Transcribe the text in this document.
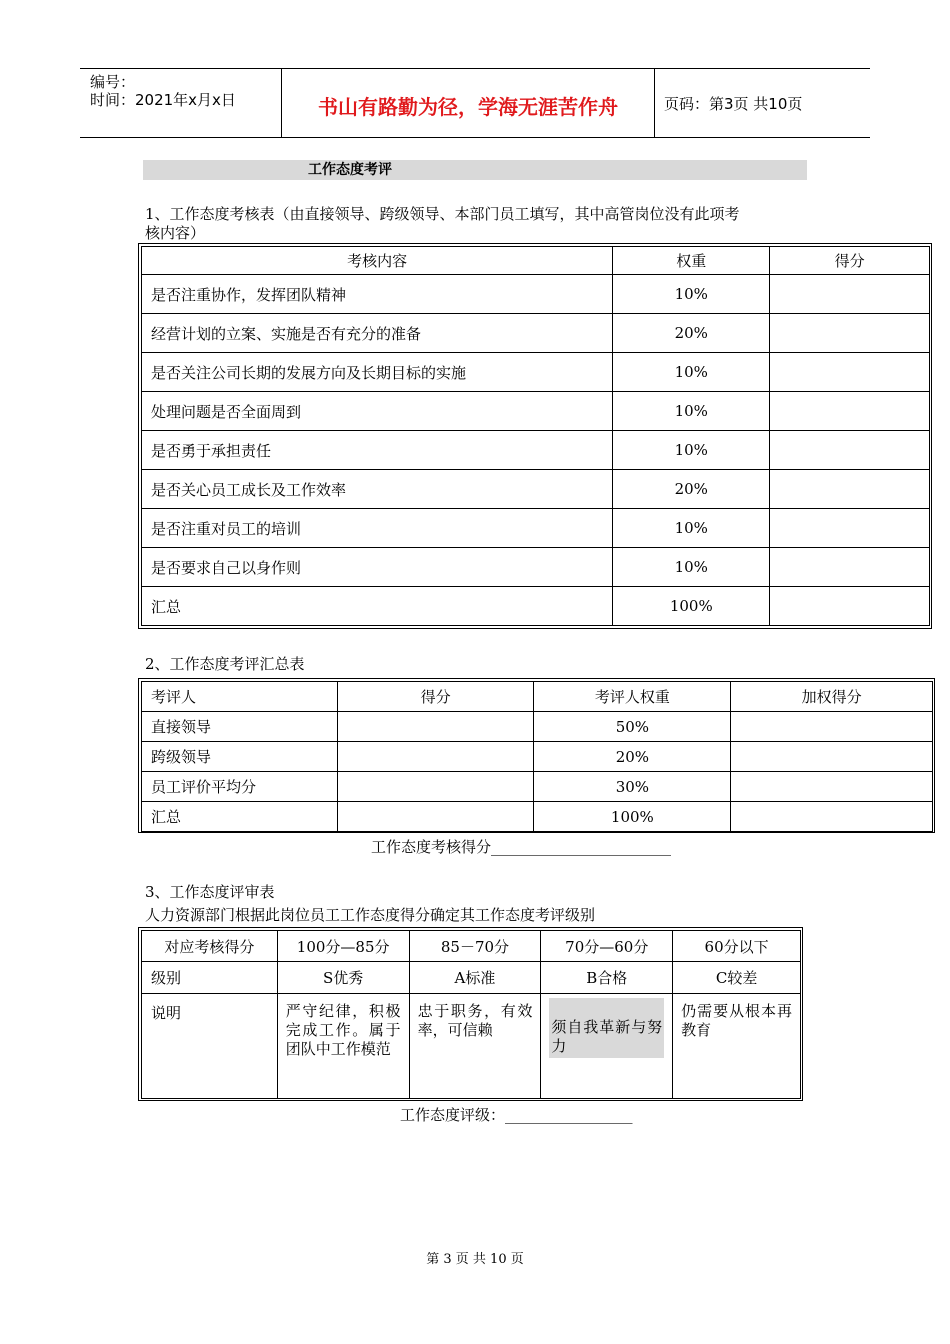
编号：
时间：2021年x月x日	书山有路勤为径，学海无涯苦作舟	页码：第3页 共10页
工作态度考评
1、工作态度考核表（由直接领导、跨级领导、本部门员工填写，其中高管岗位没有此项考
核内容）
考核内容	权重	得分
是否注重协作，发挥团队精神	10%	
经营计划的立案、实施是否有充分的准备	20%	
是否关注公司长期的发展方向及长期目标的实施	10%	
处理问题是否全面周到	10%	
是否勇于承担责任	10%	
是否关心员工成长及工作效率	20%	
是否注重对员工的培训	10%	
是否要求自己以身作则	10%	
汇总	100%	
2、工作态度考评汇总表
考评人	得分	考评人权重	加权得分
直接领导		50%	
跨级领导		20%	
员工评价平均分		30%	
汇总		100%	
工作态度考核得分________________________
3、工作态度评审表
人力资源部门根据此岗位员工工作态度得分确定其工作态度考评级别
对应考核得分	100分—85分	85－70分	70分—60分	60分以下
级别	S优秀	A标准	B合格	C较差
说明	严守纪律，积极完成工作。属于团队中工作模范	忠于职务，有效率，可信赖	须自我革新与努力	仍需要从根本再教育
工作态度评级：_________________
第 3 页 共 10 页
